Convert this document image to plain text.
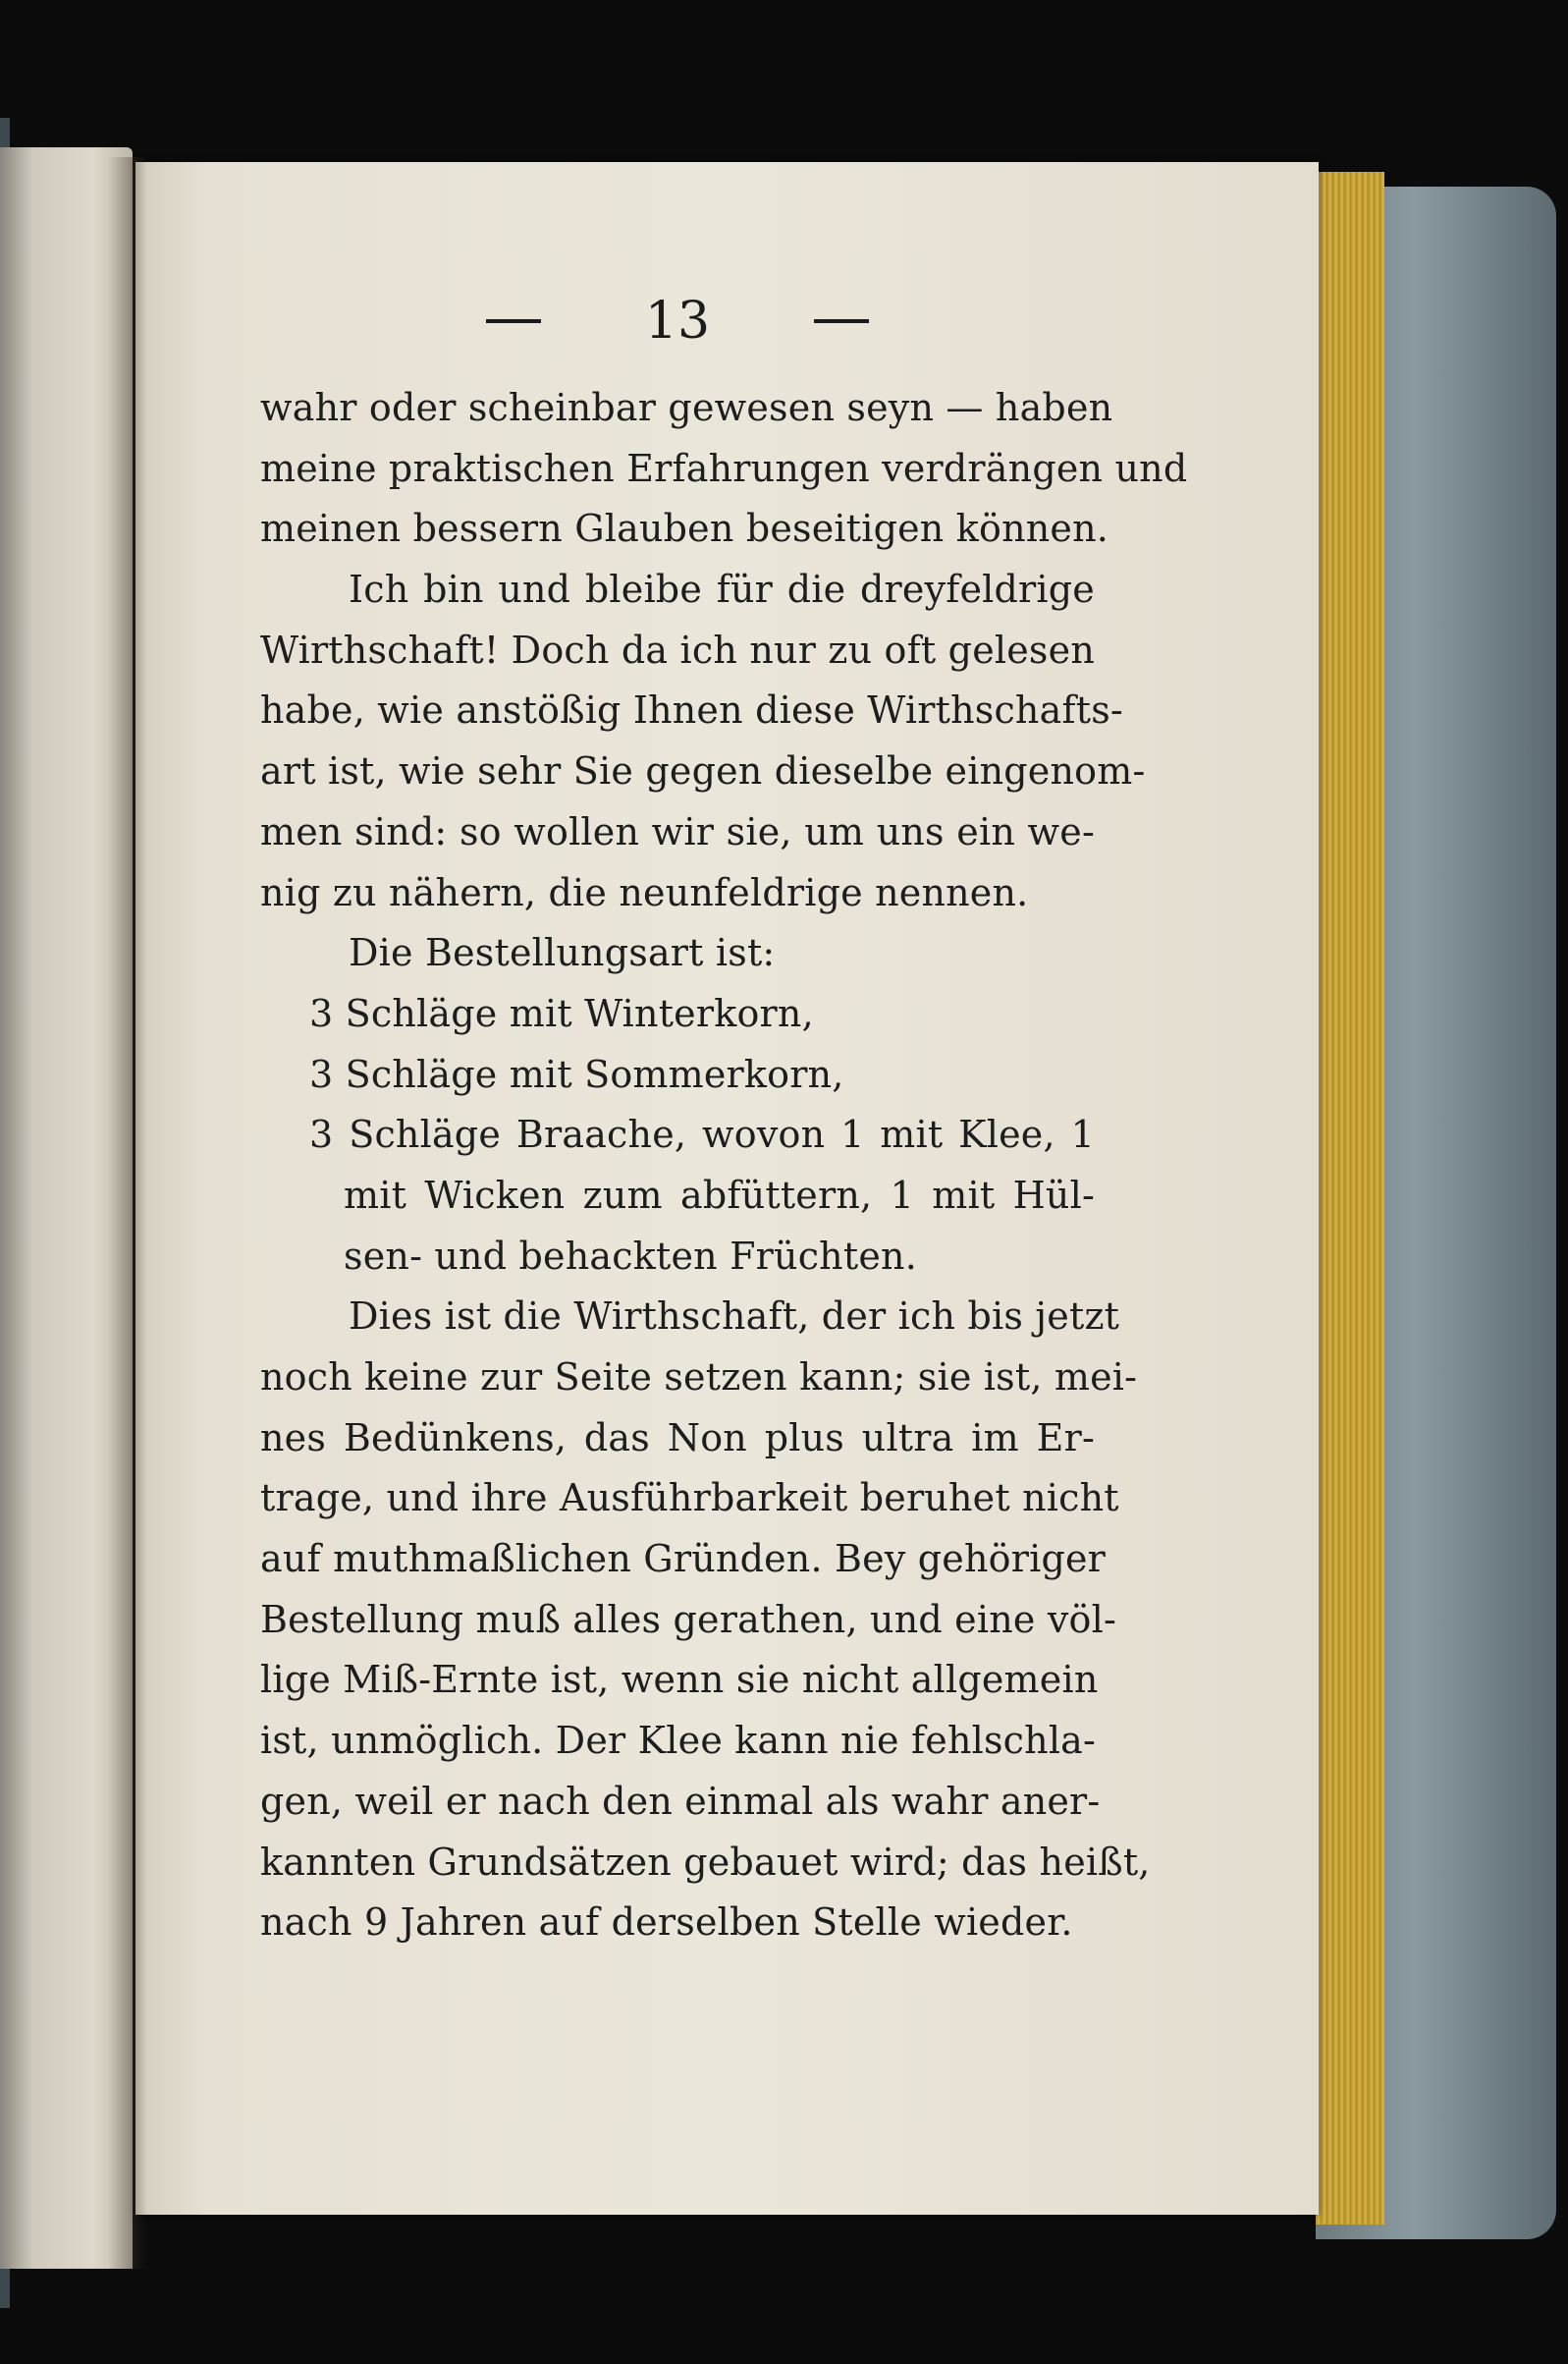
13
wahr oder scheinbar gewesen seyn — haben
meine praktischen Erfahrungen verdrängen und
meinen bessern Glauben beseitigen können.
Ich bin und bleibe für die dreyfeldrige
Wirthschaft! Doch da ich nur zu oft gelesen
habe, wie anstößig Ihnen diese Wirthschafts-
art ist, wie sehr Sie gegen dieselbe eingenom-
men sind: so wollen wir sie, um uns ein we-
nig zu nähern, die neunfeldrige nennen.
Die Bestellungsart ist:
3 Schläge mit Winterkorn,
3 Schläge mit Sommerkorn,
3 Schläge Braache, wovon 1 mit Klee, 1
mit Wicken zum abfüttern, 1 mit Hül-
sen- und behackten Früchten.
Dies ist die Wirthschaft, der ich bis jetzt
noch keine zur Seite setzen kann; sie ist, mei-
nes Bedünkens, das Non plus ultra im Er-
trage, und ihre Ausführbarkeit beruhet nicht
auf muthmaßlichen Gründen. Bey gehöriger
Bestellung muß alles gerathen, und eine völ-
lige Miß-Ernte ist, wenn sie nicht allgemein
ist, unmöglich. Der Klee kann nie fehlschla-
gen, weil er nach den einmal als wahr aner-
kannten Grundsätzen gebauet wird; das heißt,
nach 9 Jahren auf derselben Stelle wieder.
